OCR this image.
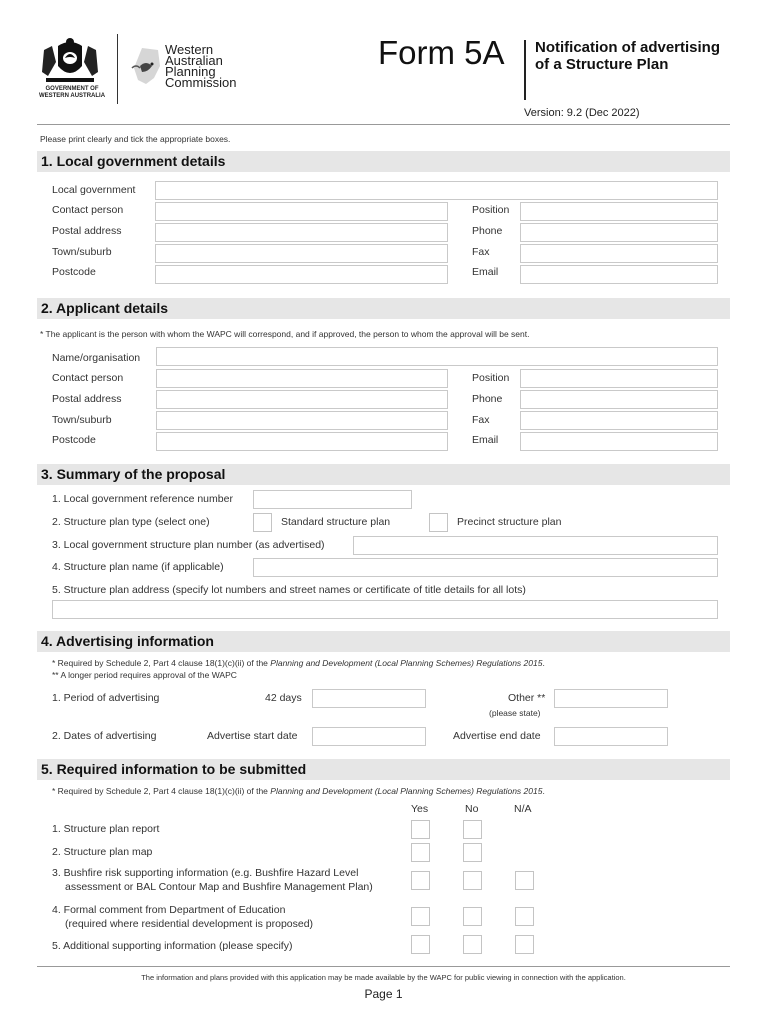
GOVERNMENT OF
WESTERN AUSTRALIA
Western
Australian
Planning
Commission
Form 5A Notification of advertising
of a Structure Plan
Version: 9.2 (Dec 2022)
Please print clearly and tick the appropriate boxes.
1. Local government details
Local government
Contact person	Position
Postal address	Phone
Town/suburb	Fax
Postcode	Email
2. Applicant details
* The applicant is the person with whom the WAPC will correspond, and if approved, the person to whom the approval will be sent.
Name/organisation
Contact person	Position
Postal address	Phone
Town/suburb	Fax
Postcode	Email
3. Summary of the proposal
1. Local government reference number
2. Structure plan type (select one)	Standard structure plan	Precinct structure plan
3. Local government structure plan number (as advertised)
4. Structure plan name (if applicable)
5. Structure plan address (specify lot numbers and street names or certificate of title details for all lots)
4. Advertising information
* Required by Schedule 2, Part 4 clause 18(1)(c)(ii) of the Planning and Development (Local Planning Schemes) Regulations 2015.
** A longer period requires approval of the WAPC
1. Period of advertising	42 days	Other **
(please state)
2. Dates of advertising	Advertise start date	Advertise end date
5. Required information to be submitted
* Required by Schedule 2, Part 4 clause 18(1)(c)(ii) of the Planning and Development (Local Planning Schemes) Regulations 2015.
Yes	No	N/A
1. Structure plan report
2. Structure plan map
3. Bushfire risk supporting information (e.g. Bushfire Hazard Level
assessment or BAL Contour Map and Bushfire Management Plan)
4. Formal comment from Department of Education
(required where residential development is proposed)
5. Additional supporting information (please specify)
The information and plans provided with this application may be made available by the WAPC for public viewing in connection with the application.
Page 1
